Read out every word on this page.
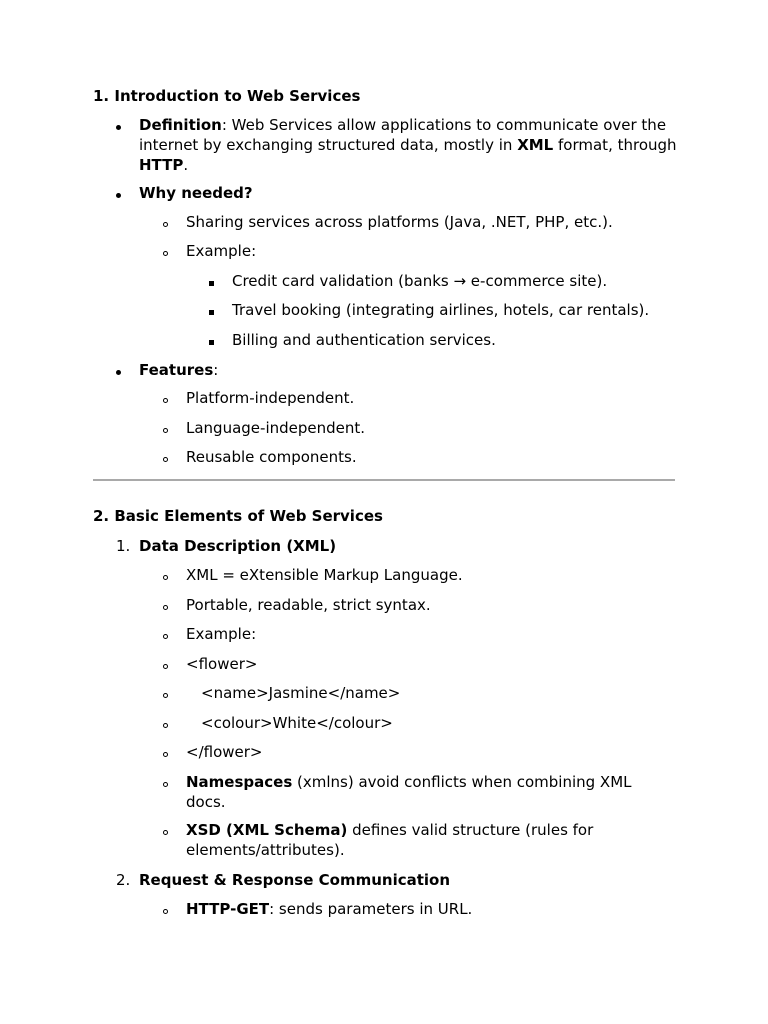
1. Introduction to Web Services
Definition: Web Services allow applications to communicate over the internet by exchanging structured data, mostly in XML format, through HTTP.
Why needed?
Sharing services across platforms (Java, .NET, PHP, etc.).
Example:
Credit card validation (banks → e-commerce site).
Travel booking (integrating airlines, hotels, car rentals).
Billing and authentication services.
Features:
Platform-independent.
Language-independent.
Reusable components.
2. Basic Elements of Web Services
1. Data Description (XML)
XML = eXtensible Markup Language.
Portable, readable, strict syntax.
Example:
<flower>
<name>Jasmine</name>
<colour>White</colour>
</flower>
Namespaces (xmlns) avoid conflicts when combining XML docs.
XSD (XML Schema) defines valid structure (rules for elements/attributes).
2. Request & Response Communication
HTTP-GET: sends parameters in URL.
